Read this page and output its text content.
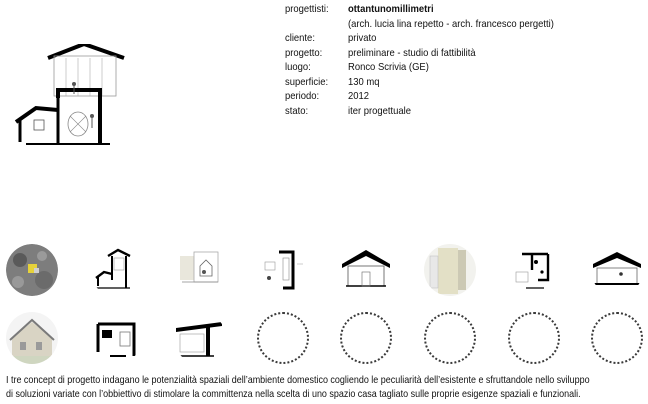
progettisti:	ottantunomillimetri
(arch. lucia lina repetto - arch. francesco pergetti)
cliente:	privato
progetto:	preliminare - studio di fattibilità
luogo:	Ronco Scrivia (GE)
superficie:	130 mq
periodo:	2012
stato:	iter progettuale
I tre concept di progetto indagano le potenzialità spaziali dell’ambiente domestico cogliendo le peculiarità dell’esistente e sfruttandole nello sviluppo
di soluzioni variate con l’obbiettivo di stimolare la committenza nella scelta di uno spazio casa tagliato sulle proprie esigenze spaziali e funzionali.
